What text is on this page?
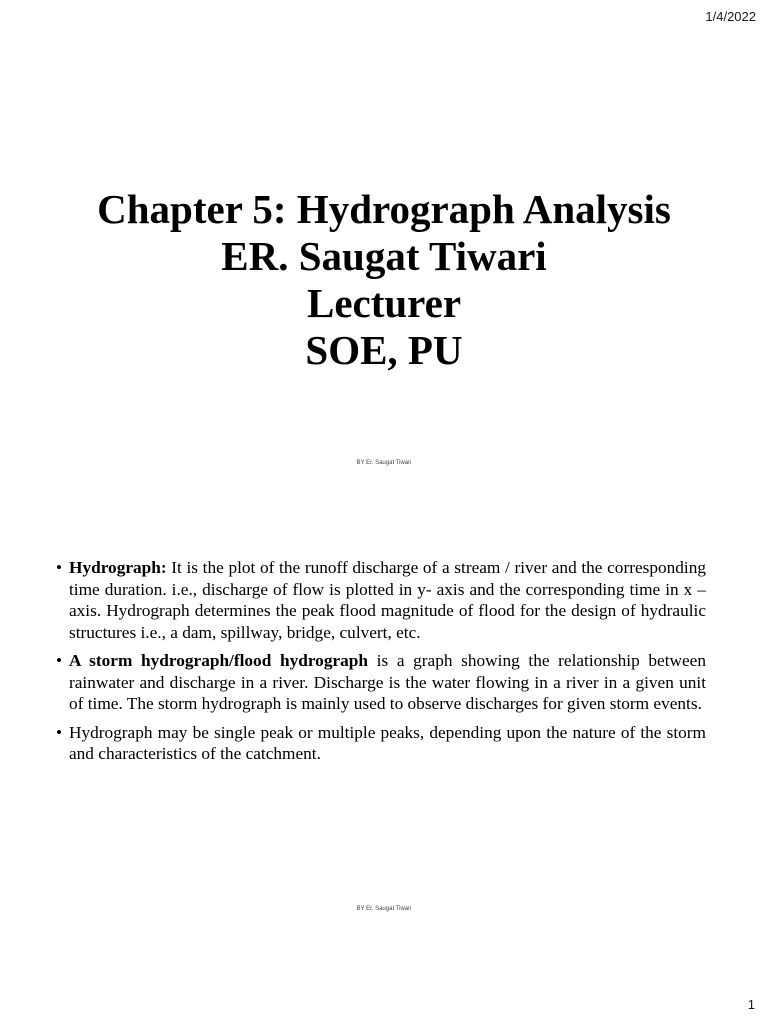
1/4/2022
Chapter 5: Hydrograph Analysis
ER. Saugat Tiwari
Lecturer
SOE, PU
BY Er. Saugat Tiwari
• Hydrograph: It is the plot of the runoff discharge of a stream / river and the corresponding time duration. i.e., discharge of flow is plotted in y- axis and the corresponding time in x – axis. Hydrograph determines the peak flood magnitude of flood for the design of hydraulic structures i.e., a dam, spillway, bridge, culvert, etc.
• A storm hydrograph/flood hydrograph is a graph showing the relationship between rainwater and discharge in a river. Discharge is the water flowing in a river in a given unit of time. The storm hydrograph is mainly used to observe discharges for given storm events.
• Hydrograph may be single peak or multiple peaks, depending upon the nature of the storm and characteristics of the catchment.
BY Er. Saugat Tiwari
1
